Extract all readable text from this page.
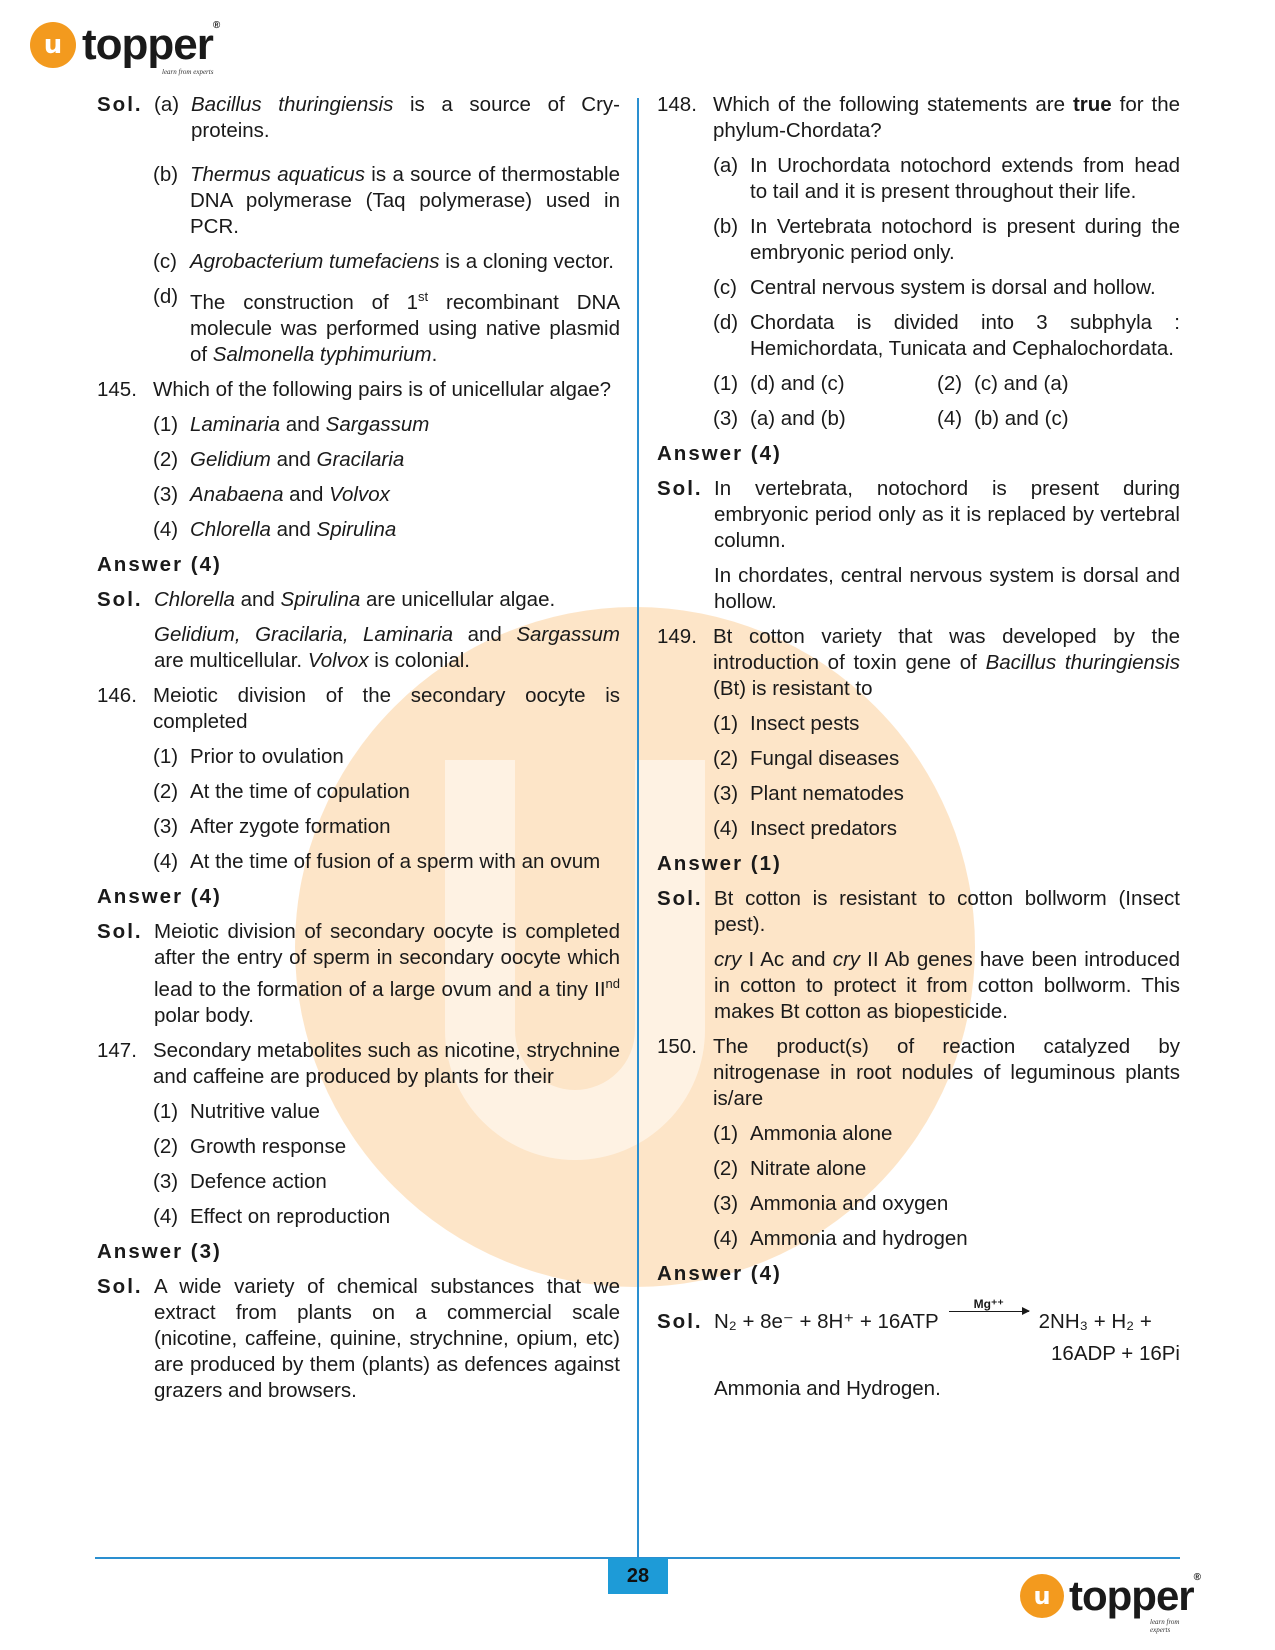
u topper®
learn from experts
Sol. (a) Bacillus thuringiensis is a source of Cry-proteins.
(b) Thermus aquaticus is a source of thermostable DNA polymerase (Taq polymerase) used in PCR.
(c) Agrobacterium tumefaciens is a cloning vector.
(d) The construction of 1st recombinant DNA molecule was performed using native plasmid of Salmonella typhimurium.
145. Which of the following pairs is of unicellular algae?
(1) Laminaria and Sargassum
(2) Gelidium and Gracilaria
(3) Anabaena and Volvox
(4) Chlorella and Spirulina
Answer (4)
Sol. Chlorella and Spirulina are unicellular algae.
Gelidium, Gracilaria, Laminaria and Sargassum are multicellular. Volvox is colonial.
146. Meiotic division of the secondary oocyte is completed
(1) Prior to ovulation
(2) At the time of copulation
(3) After zygote formation
(4) At the time of fusion of a sperm with an ovum
Answer (4)
Sol. Meiotic division of secondary oocyte is completed after the entry of sperm in secondary oocyte which lead to the formation of a large ovum and a tiny IInd polar body.
147. Secondary metabolites such as nicotine, strychnine and caffeine are produced by plants for their
(1) Nutritive value
(2) Growth response
(3) Defence action
(4) Effect on reproduction
Answer (3)
Sol. A wide variety of chemical substances that we extract from plants on a commercial scale (nicotine, caffeine, quinine, strychnine, opium, etc) are produced by them (plants) as defences against grazers and browsers.
148. Which of the following statements are true for the phylum-Chordata?
(a) In Urochordata notochord extends from head to tail and it is present throughout their life.
(b) In Vertebrata notochord is present during the embryonic period only.
(c) Central nervous system is dorsal and hollow.
(d) Chordata is divided into 3 subphyla : Hemichordata, Tunicata and Cephalochordata.
(1) (d) and (c)	(2) (c) and (a)
(3) (a) and (b)	(4) (b) and (c)
Answer (4)
Sol. In vertebrata, notochord is present during embryonic period only as it is replaced by vertebral column.
In chordates, central nervous system is dorsal and hollow.
149. Bt cotton variety that was developed by the introduction of toxin gene of Bacillus thuringiensis (Bt) is resistant to
(1) Insect pests
(2) Fungal diseases
(3) Plant nematodes
(4) Insect predators
Answer (1)
Sol. Bt cotton is resistant to cotton bollworm (Insect pest).
cry I Ac and cry II Ab genes have been introduced in cotton to protect it from cotton bollworm. This makes Bt cotton as biopesticide.
150. The product(s) of reaction catalyzed by nitrogenase in root nodules of leguminous plants is/are
(1) Ammonia alone
(2) Nitrate alone
(3) Ammonia and oxygen
(4) Ammonia and hydrogen
Answer (4)
Sol. N₂ + 8e⁻ + 8H⁺ + 16ATP
Mg⁺⁺
2NH₃ + H₂ +
16ADP + 16Pi
Ammonia and Hydrogen.
28
u topper®
learn from experts
